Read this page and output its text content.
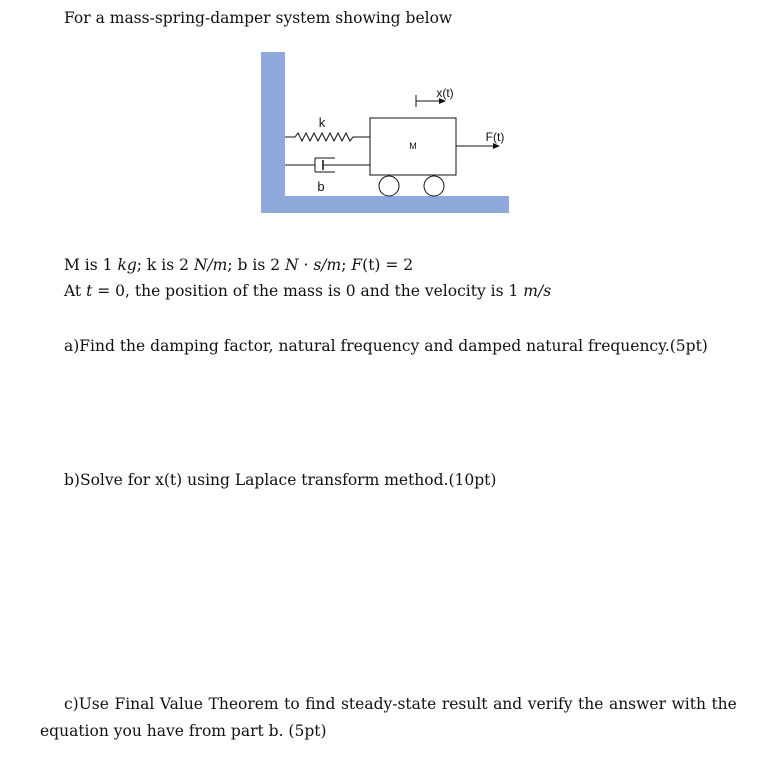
For a mass-spring-damper system showing below
k
b
M
x(t)
F(t)
M is 1 kg; k is 2 N/m; b is 2 N · s/m; F(t) = 2
At t = 0, the position of the mass is 0 and the velocity is 1 m/s
a)Find the damping factor, natural frequency and damped natural frequency.(5pt)
b)Solve for x(t) using Laplace transform method.(10pt)
c)Use Final Value Theorem to find steady-state result and verify the answer with the
equation you have from part b. (5pt)
